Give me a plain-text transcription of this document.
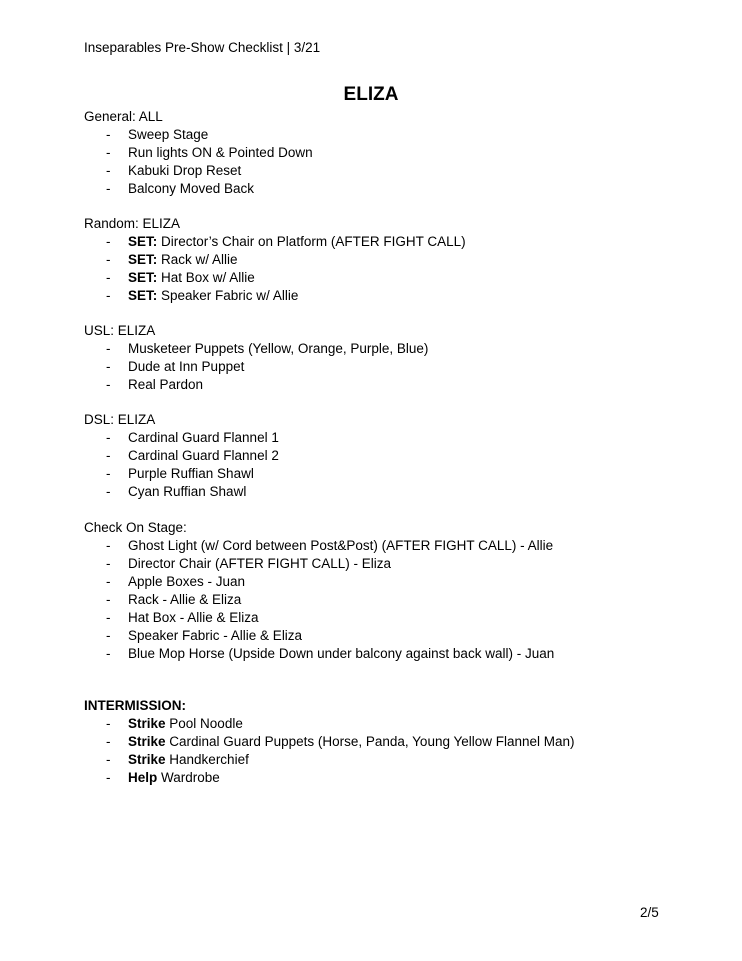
Inseparables Pre-Show Checklist | 3/21
ELIZA
General: ALL
- Sweep Stage
- Run lights ON & Pointed Down
- Kabuki Drop Reset
- Balcony Moved Back
Random: ELIZA
- SET: Director’s Chair on Platform (AFTER FIGHT CALL)
- SET: Rack w/ Allie
- SET: Hat Box w/ Allie
- SET: Speaker Fabric w/ Allie
USL: ELIZA
- Musketeer Puppets (Yellow, Orange, Purple, Blue)
- Dude at Inn Puppet
- Real Pardon
DSL: ELIZA
- Cardinal Guard Flannel 1
- Cardinal Guard Flannel 2
- Purple Ruffian Shawl
- Cyan Ruffian Shawl
Check On Stage:
- Ghost Light (w/ Cord between Post&Post) (AFTER FIGHT CALL) - Allie
- Director Chair (AFTER FIGHT CALL) - Eliza
- Apple Boxes - Juan
- Rack - Allie & Eliza
- Hat Box - Allie & Eliza
- Speaker Fabric - Allie & Eliza
- Blue Mop Horse (Upside Down under balcony against back wall) - Juan
INTERMISSION:
- Strike Pool Noodle
- Strike Cardinal Guard Puppets (Horse, Panda, Young Yellow Flannel Man)
- Strike Handkerchief
- Help Wardrobe
2/5
